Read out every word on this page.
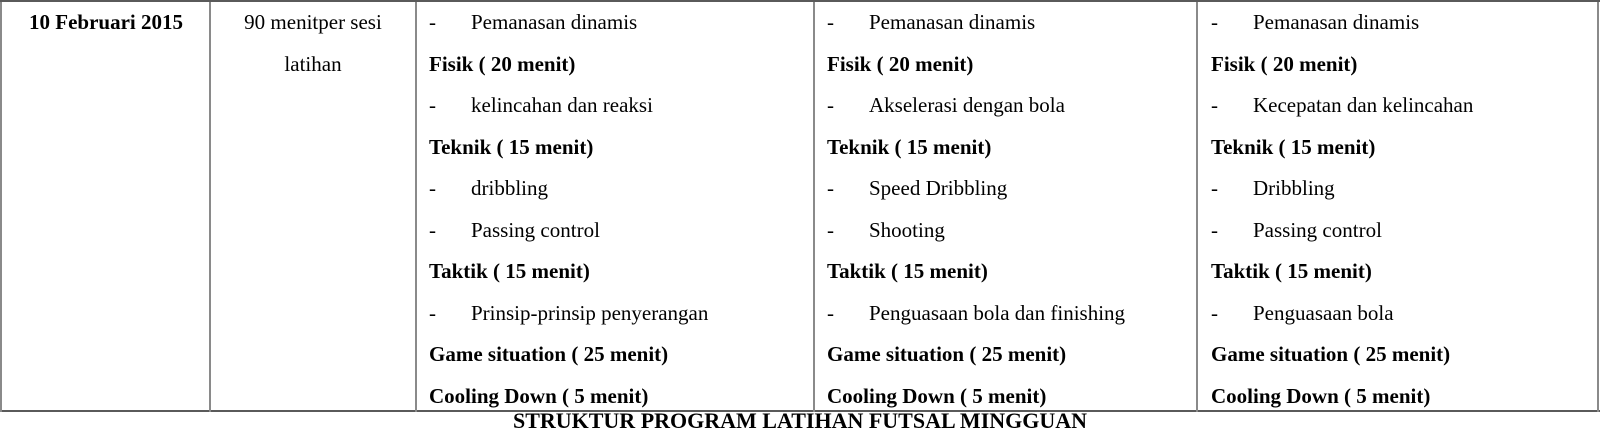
10 Februari 2015	90 menitper sesi
latihan
- Pemanasan dinamis
Fisik ( 20 menit)
- kelincahan dan reaksi
Teknik ( 15 menit)
- dribbling
- Passing control
Taktik ( 15 menit)
- Prinsip-prinsip penyerangan
Game situation ( 25 menit)
Cooling Down ( 5 menit)
- Pemanasan dinamis
Fisik ( 20 menit)
- Akselerasi dengan bola
Teknik ( 15 menit)
- Speed Dribbling
- Shooting
Taktik ( 15 menit)
- Penguasaan bola dan finishing
Game situation ( 25 menit)
Cooling Down ( 5 menit)
- Pemanasan dinamis
Fisik ( 20 menit)
- Kecepatan dan kelincahan
Teknik ( 15 menit)
- Dribbling
- Passing control
Taktik ( 15 menit)
- Penguasaan bola
Game situation ( 25 menit)
Cooling Down ( 5 menit)
STRUKTUR PROGRAM LATIHAN FUTSAL MINGGUAN
